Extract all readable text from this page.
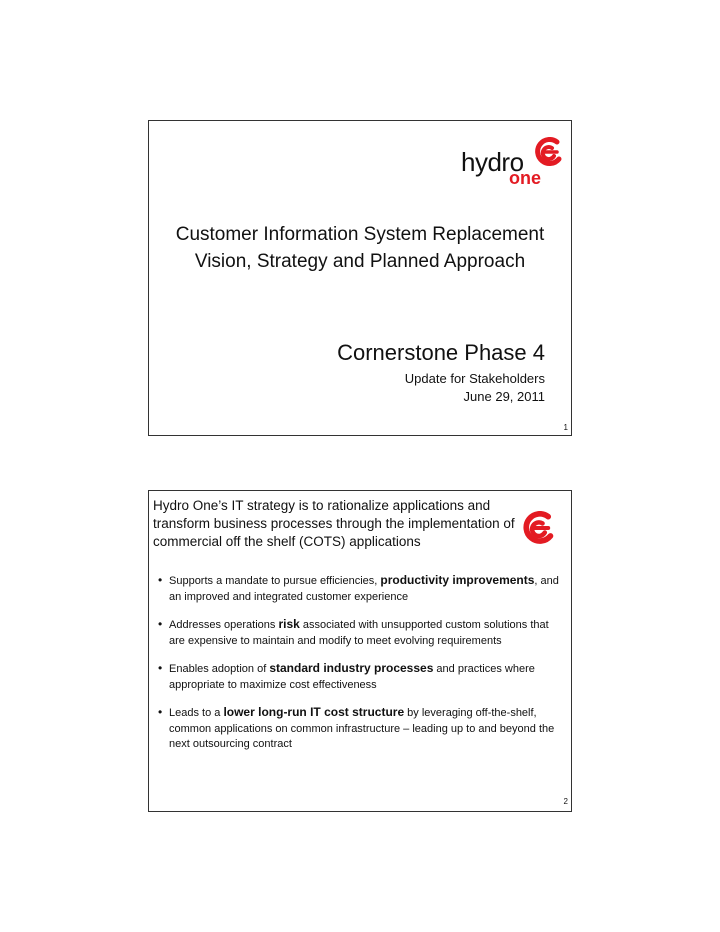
hydro
one
Customer Information System Replacement
Vision, Strategy and Planned Approach
Cornerstone Phase 4
Update for Stakeholders
June 29, 2011
1
Hydro One’s IT strategy is to rationalize applications and transform business processes through the implementation of commercial off the shelf (COTS) applications
• Supports a mandate to pursue efficiencies, productivity improvements, and an improved and integrated customer experience
• Addresses operations risk associated with unsupported custom solutions that are expensive to maintain and modify to meet evolving requirements
• Enables adoption of standard industry processes and practices where appropriate to maximize cost effectiveness
• Leads to a lower long-run IT cost structure by leveraging off-the-shelf, common applications on common infrastructure – leading up to and beyond the next outsourcing contract
2
